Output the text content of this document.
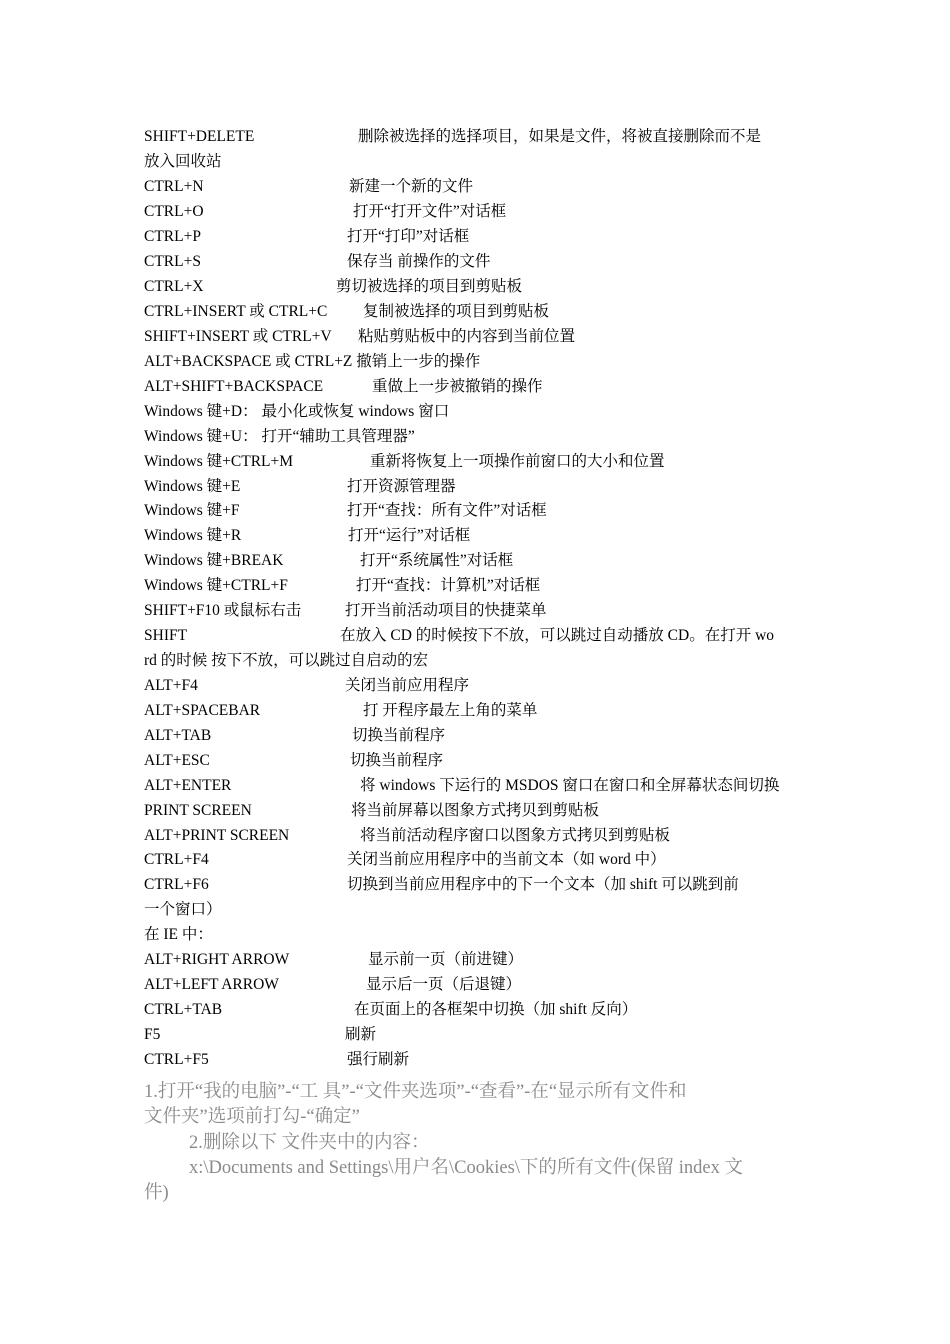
SHIFT+DELETE	删除被选择的选择项目，如果是文件，将被直接删除而不是
放入回收站
CTRL+N	新建一个新的文件
CTRL+O	打开“打开文件”对话框
CTRL+P	打开“打印”对话框
CTRL+S	保存当 前操作的文件
CTRL+X	剪切被选择的项目到剪贴板
CTRL+INSERT 或 CTRL+C 复制被选择的项目到剪贴板
SHIFT+INSERT 或 CTRL+V 粘贴剪贴板中的内容到当前位置
ALT+BACKSPACE 或 CTRL+Z 撤销上一步的操作
ALT+SHIFT+BACKSPACE	重做上一步被撤销的操作
Windows 键+D： 最小化或恢复 windows 窗口
Windows 键+U： 打开“辅助工具管理器”
Windows 键+CTRL+M	重新将恢复上一项操作前窗口的大小和位置
Windows 键+E	打开资源管理器
Windows 键+F	打开“查找：所有文件”对话框
Windows 键+R	打开“运行”对话框
Windows 键+BREAK	打开“系统属性”对话框
Windows 键+CTRL+F	打开“查找：计算机”对话框
SHIFT+F10 或鼠标右击	打开当前活动项目的快捷菜单
SHIFT	在放入 CD 的时候按下不放，可以跳过自动播放 CD。在打开 wo
rd 的时候 按下不放，可以跳过自启动的宏
ALT+F4	关闭当前应用程序
ALT+SPACEBAR	打 开程序最左上角的菜单
ALT+TAB	切换当前程序
ALT+ESC	切换当前程序
ALT+ENTER	将 windows 下运行的 MSDOS 窗口在窗口和全屏幕状态间切换
PRINT SCREEN	将当前屏幕以图象方式拷贝到剪贴板
ALT+PRINT SCREEN	将当前活动程序窗口以图象方式拷贝到剪贴板
CTRL+F4	关闭当前应用程序中的当前文本（如 word 中）
CTRL+F6	切换到当前应用程序中的下一个文本（加 shift 可以跳到前
一个窗口）
在 IE 中：
ALT+RIGHT ARROW	显示前一页（前进键）
ALT+LEFT ARROW	显示后一页（后退键）
CTRL+TAB	在页面上的各框架中切换（加 shift 反向）
F5	刷新
CTRL+F5	强行刷新
1.打开“我的电脑”-“工 具”-“文件夹选项”-“查看”-在“显示所有文件和
文件夹”选项前打勾-“确定”
2.删除以下 文件夹中的内容：
x:\Documents and Settings\用户名\Cookies\下的所有文件(保留 index 文
件)
